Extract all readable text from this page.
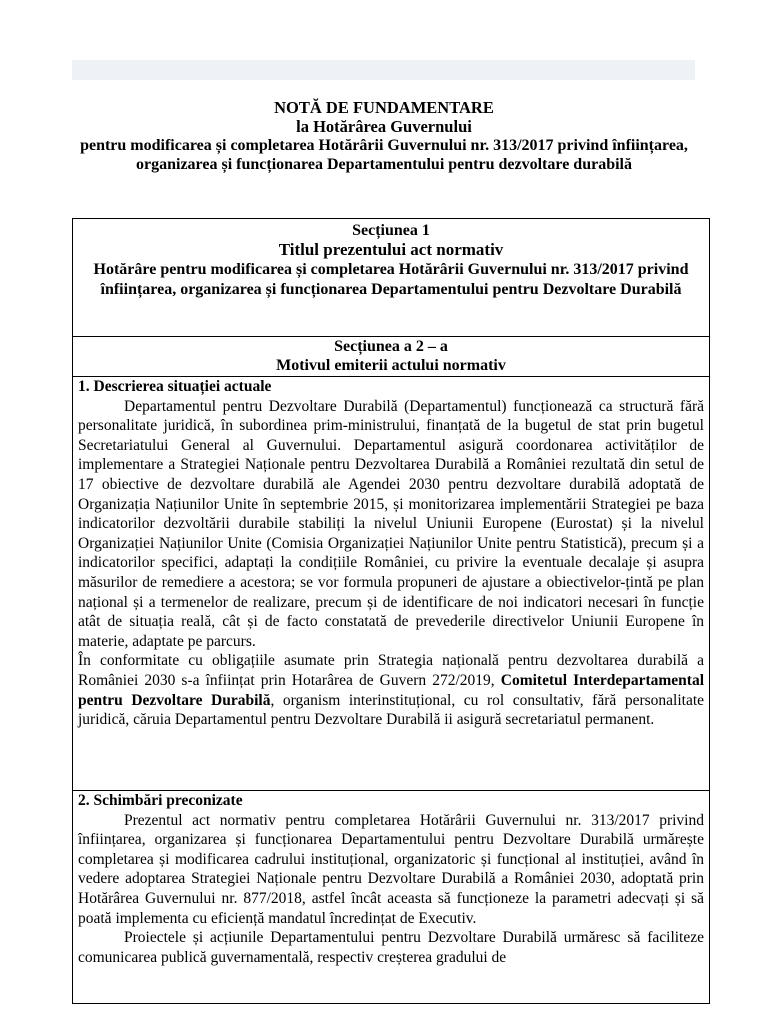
NOTĂ DE FUNDAMENTARE
la Hotărârea Guvernului
pentru modificarea și completarea Hotărârii Guvernului nr. 313/2017 privind înființarea, organizarea și funcționarea Departamentului pentru dezvoltare durabilă
Secțiunea 1
Titlul prezentului act normativ
Hotărâre pentru modificarea și completarea Hotărârii Guvernului nr. 313/2017 privind înființarea, organizarea și funcționarea Departamentului pentru Dezvoltare Durabilă
Secțiunea a 2 – a
Motivul emiterii actului normativ

1. Descrierea situației actuale

Departamentul pentru Dezvoltare Durabilă (Departamentul) funcționează ca structură fără personalitate juridică, în subordinea prim-ministrului, finanțată de la bugetul de stat prin bugetul Secretariatului General al Guvernului. Departamentul asigură coordonarea activităților de implementare a Strategiei Naționale pentru Dezvoltarea Durabilă a României rezultată din setul de 17 obiective de dezvoltare durabilă ale Agendei 2030 pentru dezvoltare durabilă adoptată de Organizația Națiunilor Unite în septembrie 2015, și monitorizarea implementării Strategiei pe baza indicatorilor dezvoltării durabile stabiliți la nivelul Uniunii Europene (Eurostat) și la nivelul Organizației Națiunilor Unite (Comisia Organizației Națiunilor Unite pentru Statistică), precum și a indicatorilor specifici, adaptați la condițiile României, cu privire la eventuale decalaje și asupra măsurilor de remediere a acestora; se vor formula propuneri de ajustare a obiectivelor-țintă pe plan național și a termenelor de realizare, precum și de identificare de noi indicatori necesari în funcție atât de situația reală, cât și de facto constatată de prevederile directivelor Uniunii Europene în materie, adaptate pe parcurs.

În conformitate cu obligațiile asumate prin Strategia națională pentru dezvoltarea durabilă a României 2030 s-a înființat prin Hotarârea de Guvern 272/2019, Comitetul Interdepartamental pentru Dezvoltare Durabilă, organism interinstituțional, cu rol consultativ, fără personalitate juridică, căruia Departamentul pentru Dezvoltare Durabilă ii asigură secretariatul permanent.

2. Schimbări preconizate

Prezentul act normativ pentru completarea Hotărârii Guvernului nr. 313/2017 privind înființarea, organizarea și funcționarea Departamentului pentru Dezvoltare Durabilă urmărește completarea și modificarea cadrului instituțional, organizatoric și funcțional al instituției, având în vedere adoptarea Strategiei Naționale pentru Dezvoltare Durabilă a României 2030, adoptată prin Hotărârea Guvernului nr. 877/2018, astfel încât aceasta să funcționeze la parametri adecvați și să poată implementa cu eficiență mandatul încredințat de Executiv.

Proiectele și acțiunile Departamentului pentru Dezvoltare Durabilă urmăresc să faciliteze comunicarea publică guvernamentală, respectiv creșterea gradului de
